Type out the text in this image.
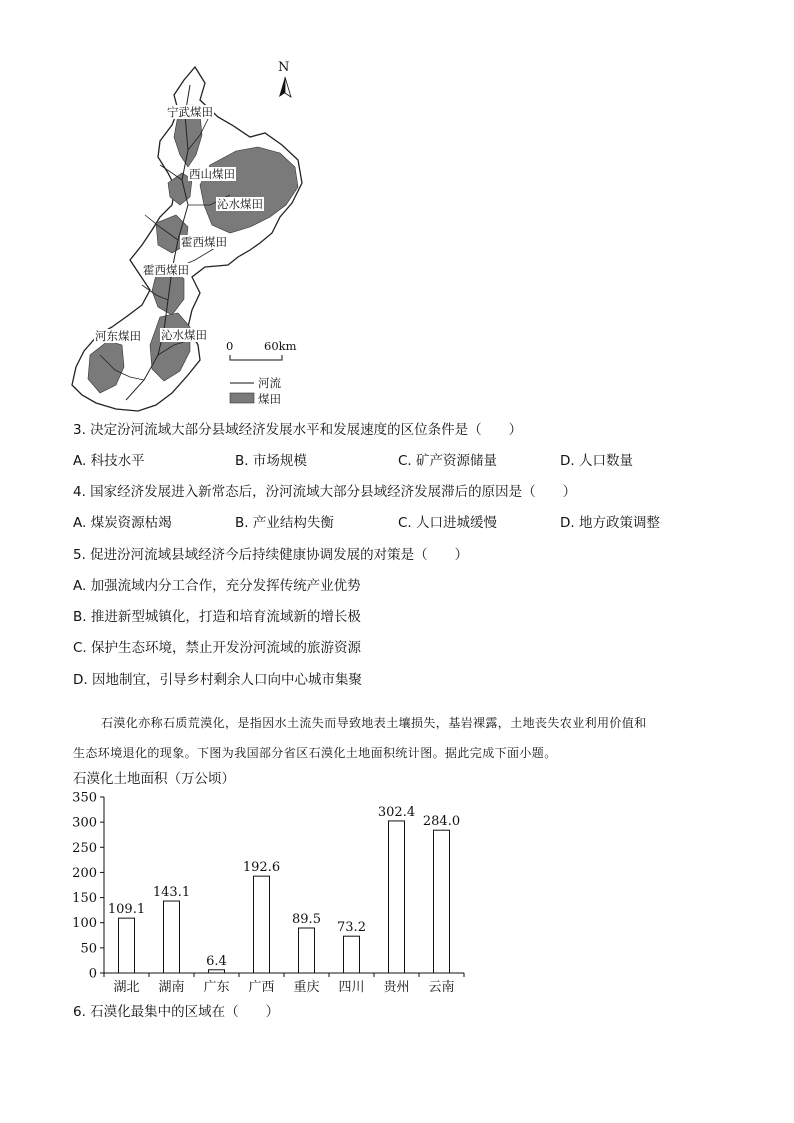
N
宁武煤田
西山煤田
沁水煤田
霍西煤田
霍西煤田
河东煤田 沁水煤田
0	60km
河流
煤田
3. 决定汾河流域大部分县域经济发展水平和发展速度的区位条件是（　　）
A. 科技水平	B. 市场规模	C. 矿产资源储量	D. 人口数量
4. 国家经济发展进入新常态后，汾河流域大部分县域经济发展滞后的原因是（　　）
A. 煤炭资源枯竭	B. 产业结构失衡	C. 人口进城缓慢	D. 地方政策调整
5. 促进汾河流域县域经济今后持续健康协调发展的对策是（　　）
A. 加强流域内分工合作，充分发挥传统产业优势
B. 推进新型城镇化，打造和培育流域新的增长极
C. 保护生态环境，禁止开发汾河流域的旅游资源
D. 因地制宜，引导乡村剩余人口向中心城市集聚
石漠化亦称石质荒漠化，是指因水土流失而导致地表土壤损失，基岩裸露，土地丧失农业利用价值和
生态环境退化的现象。下图为我国部分省区石漠化土地面积统计图。据此完成下面小题。
石漠化土地面积（万公顷）
0
50
100
150
200
250
300
350
109.1
湖北
143.1
湖南
6.4
广东
192.6
广西
89.5
重庆
73.2
四川
302.4
贵州
284.0
云南
6. 石漠化最集中的区域在（　　）
